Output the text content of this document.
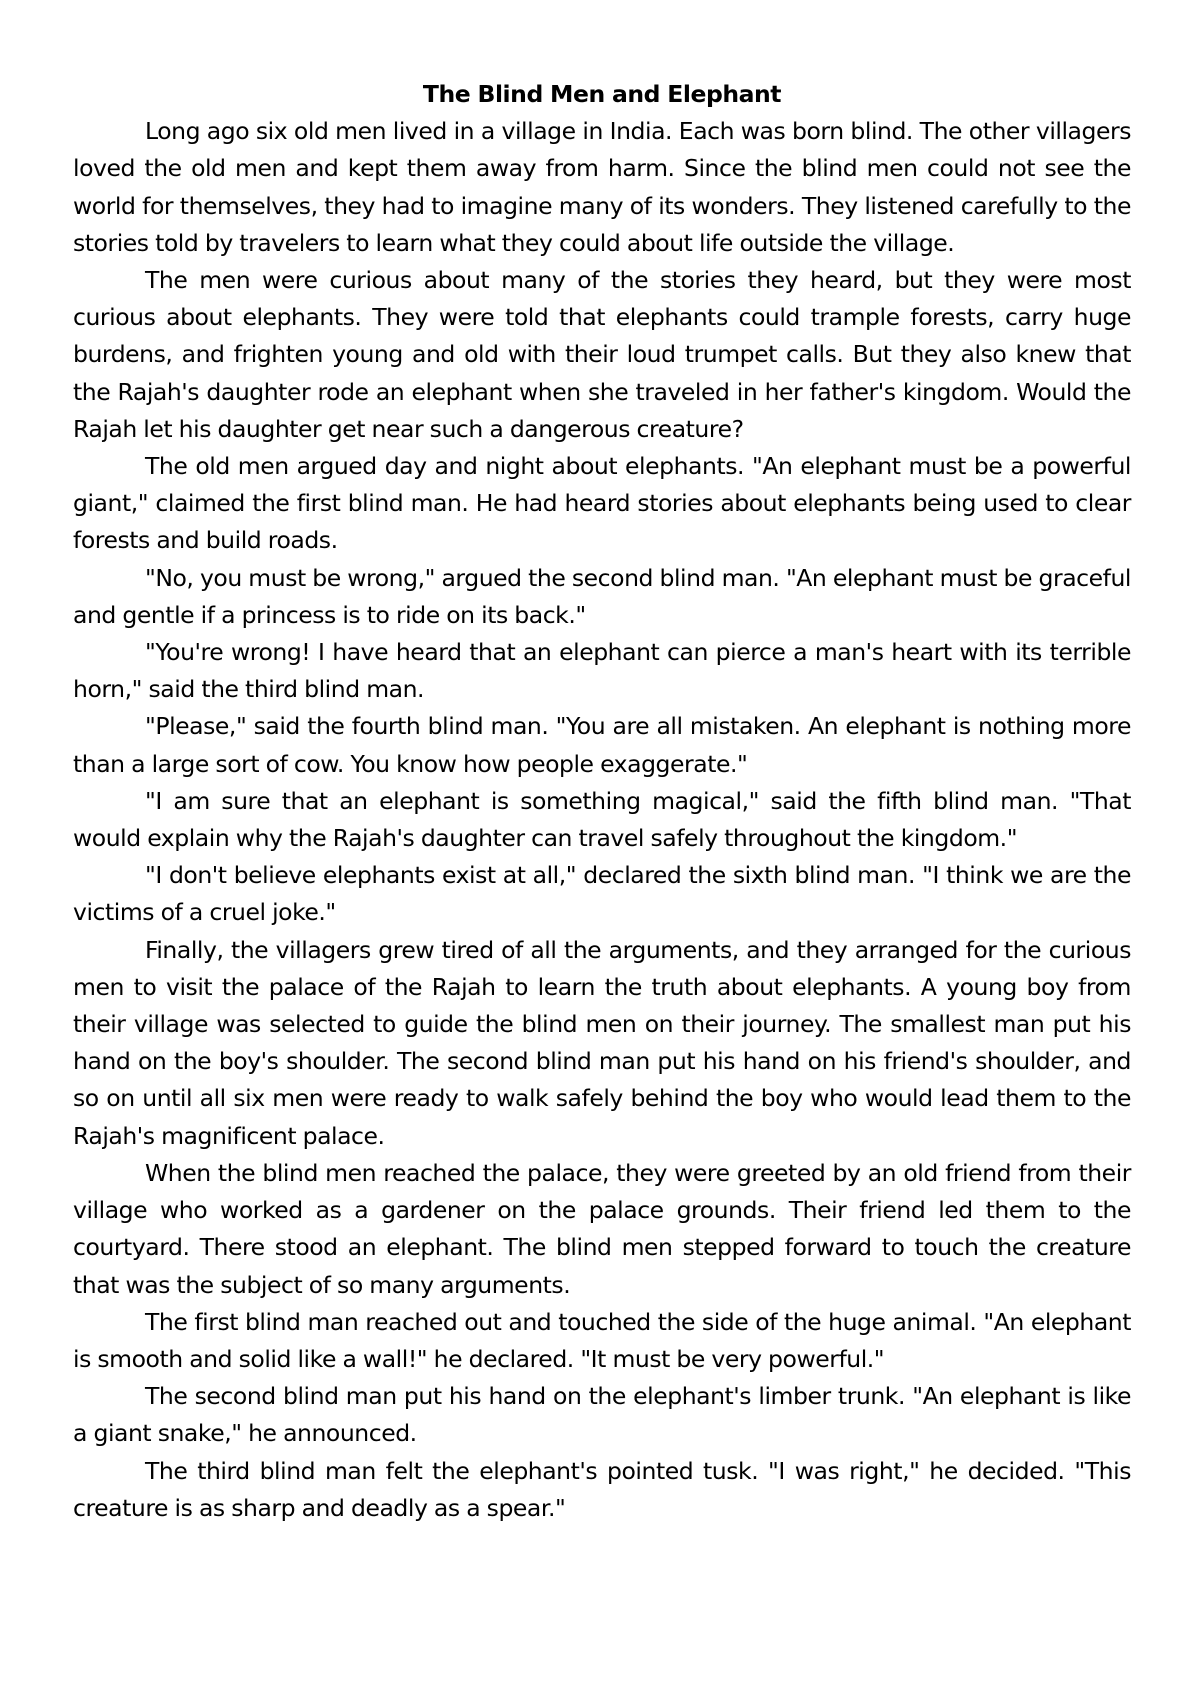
The Blind Men and Elephant

Long ago six old men lived in a village in India. Each was born blind. The other villagers loved the old men and kept them away from harm. Since the blind men could not see the world for themselves, they had to imagine many of its wonders. They listened carefully to the stories told by travelers to learn what they could about life outside the village.

The men were curious about many of the stories they heard, but they were most curious about elephants. They were told that elephants could trample forests, carry huge burdens, and frighten young and old with their loud trumpet calls. But they also knew that the Rajah's daughter rode an elephant when she traveled in her father's kingdom. Would the Rajah let his daughter get near such a dangerous creature?

The old men argued day and night about elephants. "An elephant must be a powerful giant," claimed the first blind man. He had heard stories about elephants being used to clear forests and build roads.

"No, you must be wrong," argued the second blind man. "An elephant must be graceful and gentle if a princess is to ride on its back."

"You're wrong! I have heard that an elephant can pierce a man's heart with its terrible horn," said the third blind man.

"Please," said the fourth blind man. "You are all mistaken. An elephant is nothing more than a large sort of cow. You know how people exaggerate."

"I am sure that an elephant is something magical," said the fifth blind man. "That would explain why the Rajah's daughter can travel safely throughout the kingdom."

"I don't believe elephants exist at all," declared the sixth blind man. "I think we are the victims of a cruel joke."

Finally, the villagers grew tired of all the arguments, and they arranged for the curious men to visit the palace of the Rajah to learn the truth about elephants. A young boy from their village was selected to guide the blind men on their journey. The smallest man put his hand on the boy's shoulder. The second blind man put his hand on his friend's shoulder, and so on until all six men were ready to walk safely behind the boy who would lead them to the Rajah's magnificent palace.

When the blind men reached the palace, they were greeted by an old friend from their village who worked as a gardener on the palace grounds. Their friend led them to the courtyard. There stood an elephant. The blind men stepped forward to touch the creature that was the subject of so many arguments.

The first blind man reached out and touched the side of the huge animal. "An elephant is smooth and solid like a wall!" he declared. "It must be very powerful."

The second blind man put his hand on the elephant's limber trunk. "An elephant is like a giant snake," he announced.

The third blind man felt the elephant's pointed tusk. "I was right," he decided. "This creature is as sharp and deadly as a spear."
